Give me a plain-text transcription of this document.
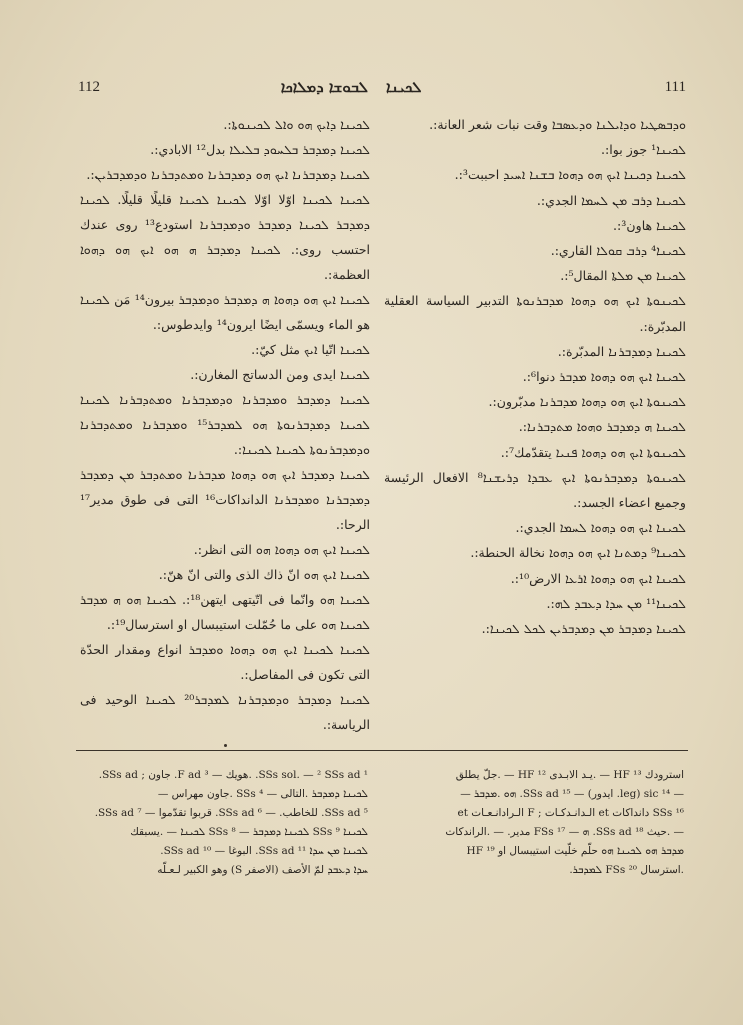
ܠܟܝܢܐ	111
112	ܠܒܘܫܐ ܕܡܠܐܟܐ

ܘܕܒܣܛܝܐ ܘܕܐܝܠܢܐ ܘܕܥܣܒܐ وقت نبات شعر العانة:.

ܠܟܝܢܐ¹ جوز بوا:.

ܠܟܝܢܐ ܕܟܝܢܐ ܐܝܟ ܗܘ ܕܗܘܐ ܒܫܢܐ ܐܚܝܕ احببت³:.

ܠܟܝܢܐ ܕܪܒ ܡܢ ܠܚܡܐ الجدي:.

ܠܟܝܢܐ هاون³:.

ܠܟܝܢܐ⁴ ܕܪܒ ܩܘܠܐ القاري:.

ܠܟܝܢܐ ܡܢ ܡܠܬܐ المقال⁵:.

ܠܟܝܢܘܬܐ ܐܝܟ ܗܘ ܕܗܘܐ ܡܕܒܪܢܘܬܐ التدبير السياسة العقلية المدبّرة:.

ܠܟܝܢܐ ܕܡܕܒܪܢܐ المدبّرة:.

ܠܟܝܢܐ ܐܝܟ ܗܘ ܕܗܘܐ ܡܕܒܪ دنوا⁶:.

ܠܟܝܢܘܬܐ ܐܝܟ ܗܘ ܕܗܘܐ ܡܕܒܪܢܐ مدبّرون:.

ܠܟܝܢܐ ܗ ܕܡܕܒܪ ܘܗܘܐ ܡܬܕܒܪܢܐ:.

ܠܟܝܢܘܬܐ ܐܝܟ ܗܘ ܕܗܘܐ ܦܢܝܐ يتقدّمك⁷:.

ܠܟܝܢܘܬܐ ܕܡܕܒܪܢܘܬܐ ܐܝܟ ܥܒܕܐ ܕܪܝܫܢܐ⁸ الافعال الرئيسة وجميع اعضاء الجسد:.

ܠܟܝܢܐ ܐܝܟ ܗܘ ܕܗܘܐ ܠܚܡܐ الجدي:.

ܠܟܝܢܐ⁹ ܕܡܬܢܐ ܐܝܟ ܗܘ ܕܗܘܐ نخالة الحنطة:.

ܠܟܝܢܐ ܐܝܟ ܗܘ ܕܗܘܐ ܐܪܥܐ الارض¹⁰:.

ܠܟܝܢܐ¹¹ ܡܢ ܚܕܐ ܕܥܒܕ ܠܗ:.

ܠܟܝܢܐ ܕܡܕܒܪ ܡܢ ܕܡܕܒܪܝܢ ܠܟܠ ܠܟܝܢܐ:.

ܠܟܝܢܐ ܕܐܝܟ ܗܘ ܘܐܠ ܠܟܝܢܘܬܐ:.

ܠܟܝܢܐ ܕܡܕܒܪ ܒܠܚܘܕ ܒܠܝܠܐ بدل¹² الابادي:.

ܠܟܝܢܐ ܕܡܕܒܪܢܐ ܐܝܟ ܗܘ ܕܡܕܒܪܢܐ ܘܡܬܕܒܪܢܐ ܘܕܡܕܒܪܝܢ:.

ܠܟܝܢܐ ܠܟܝܢܐ اوّلا اوّلا ܠܟܝܢܐ ܠܟܝܢܐ قليلًا قليلًا. ܠܟܝܢܐ ܕܡܕܒܪ ܠܟܝܢܐ ܕܡܕܒܪ ܘܕܡܕܒܪܢܐ استودع¹³ روى عندك احتسب روى:. ܠܟܝܢܐ ܕܡܕܒܪ ܗ ܗܘ ܐܝܟ ܗܘ ܕܗܘܐ العظمة:.

ܠܟܝܢܐ ܐܝܟ ܗܘ ܕܗܘܐ ܗ ܕܡܕܒܪ ܘܕܡܕܒܪ بيرون¹⁴ مَن ܠܟܝܢܐ هو الماء ويسمّى ايضًا ايرون¹⁴ وايدطوس:.

ܠܟܝܢܐ اتّيا ܐܝܟ مثل كيّ:.

ܠܟܝܢܐ ايدى ومن الدساتج المغارن:.

ܠܟܝܢܐ ܕܡܕܒܪ ܘܡܕܒܪܢܐ ܘܕܡܕܒܪܢܐ ܘܡܬܕܒܪܢܐ ܠܟܝܢܐ ܠܟܝܢܐ ܕܡܕܒܪܢܘܬܐ ܗܘ ܠܡܕܒܪ¹⁵ ܘܡܕܒܪܢܐ ܘܡܬܕܒܪܢܐ ܘܕܡܕܒܪܢܘܬܐ ܠܟܝܢܐ ܠܟܝܢܐ:.

ܠܟܝܢܐ ܕܡܕܒܪ ܐܝܟ ܗܘ ܕܗܘܐ ܡܕܒܪܢܐ ܘܡܬܕܒܪ ܡܢ ܕܡܕܒܪ ܕܡܕܒܪܢܐ ܘܡܕܒܪܢܐ الدانداكات¹⁶ التى فى طوق مدير¹⁷ الرحا:.

ܠܟܝܢܐ ܐܝܟ ܗܘ ܕܗܘܐ ܗܘ التى انظر:.

ܠܟܝܢܐ ܐܝܟ ܗܘ انّ ذاك الذى والتى انّ هنّ:.

ܠܟܝܢܐ ܗܘ وانّما فى اتّيتهى ايتهن¹⁸:. ܠܟܝܢܐ ܗܘ ܗ ܡܕܒܪ ܠܟܝܢܐ ܗܘ على ما حُمّلت استيبسال او استرسال¹⁹:.

ܠܟܝܢܐ ܠܟܝܢܐ ܐܝܟ ܗܘ ܕܗܘܐ ܘܡܕܒܪ انواع ومقدار الحدّة التى تكون فى المفاصل:.

ܠܟܝܢܐ ܕܡܕܒܪ ܘܕܡܕܒܪܢܐ ܠܡܕܒܪ²⁰ ܠܟܝܢܐ الوحيد فى الرياسة:.

استرودك HF ¹³ — .يـد الابـدى HF ¹² — .جلّ يطلق

— ¹⁴ sic (leg. ايدور) — ¹⁵ SSs ad. ܗܘ .ܡܕܒܪ —

¹⁶ SSs دانداكات et الـدانـدكـات ; F الـرادانـعـات et

— .حيث ¹⁸ SSs ad. ܗ — ¹⁷ FSs مدير. — .الراندكات

ܡܕܒܪ ܗܘ ܠܟܝܢܐ ܗܘ حلّم خلّيت استيبسال او HF ¹⁹

.استرسال ²⁰ FSs ܠܡܕܒܪ.

¹ SSs sol. — ² SSs ad. .هويك — ³ F ad. جاون ; SSs ad.

ܠܟܝܢܐ ܕܡܕܒܪ .التالى — ⁴ SSs .جاون مهراس —

⁵ SSs ad. للخاطب. — ⁶ SSs ad. قربوا تقدّموا — ⁷ SSs ad.

ܠܟܝܢܐ ⁹ SSs ܠܟܝܢܐ ܕܡܕܒܪ — ⁸ SSs ܠܟܝܢܐ — .يسبقك

ܠܟܝܢܐ ܡܢ ܚܕܐ ¹¹ SSs ad. البوغا — ¹⁰ SSs ad.

ܚܕܐ ܕܥܒܕ لمّ الأصف (الاصفر S) وهو الكبير لـعـلّه
